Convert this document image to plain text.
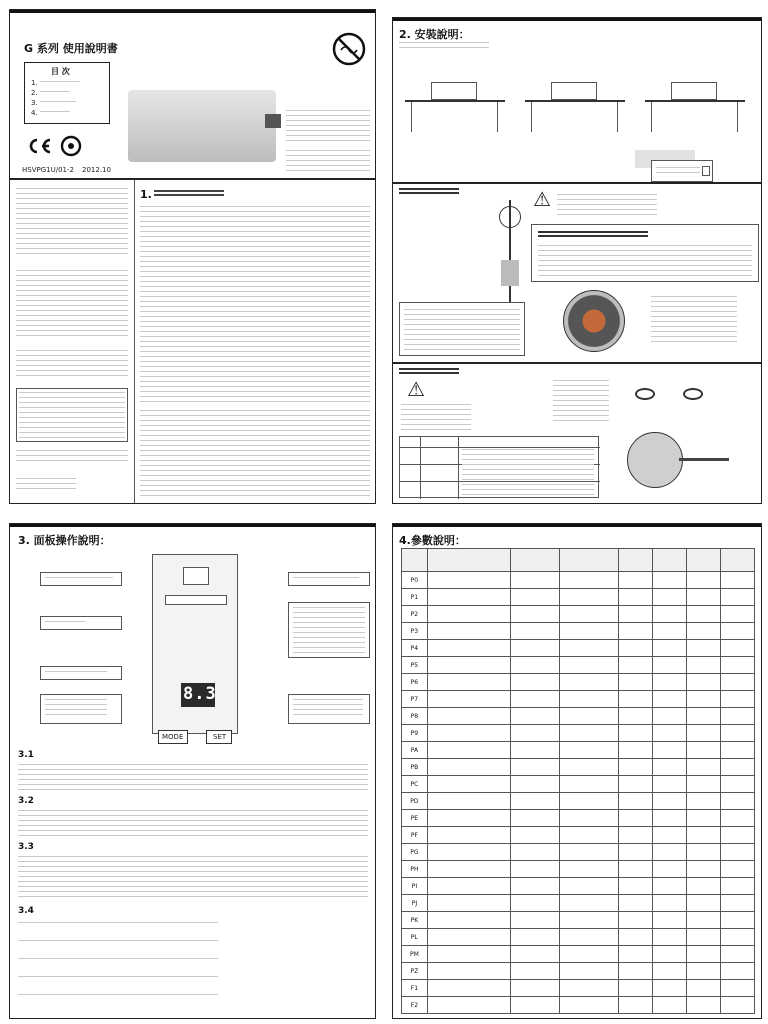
G 系列 使用說明書
目 次
1.
2.
3.
4.
HSVPG1U/01-2 2012.10
1.
2. 安裝說明：
⚠
⚠
3. 面板操作說明：
8.3
MODE	SET
3.1
3.2
3.3
3.4
4.參數說明：

P0							
P1							
P2							
P3							
P4							
P5							
P6							
P7							
P8							
P9							
PA							
PB							
PC							
PD							
PE							
PF							
PG							
PH							
PI							
PJ							
PK							
PL							
PM							
PZ							
F1							
F2							
